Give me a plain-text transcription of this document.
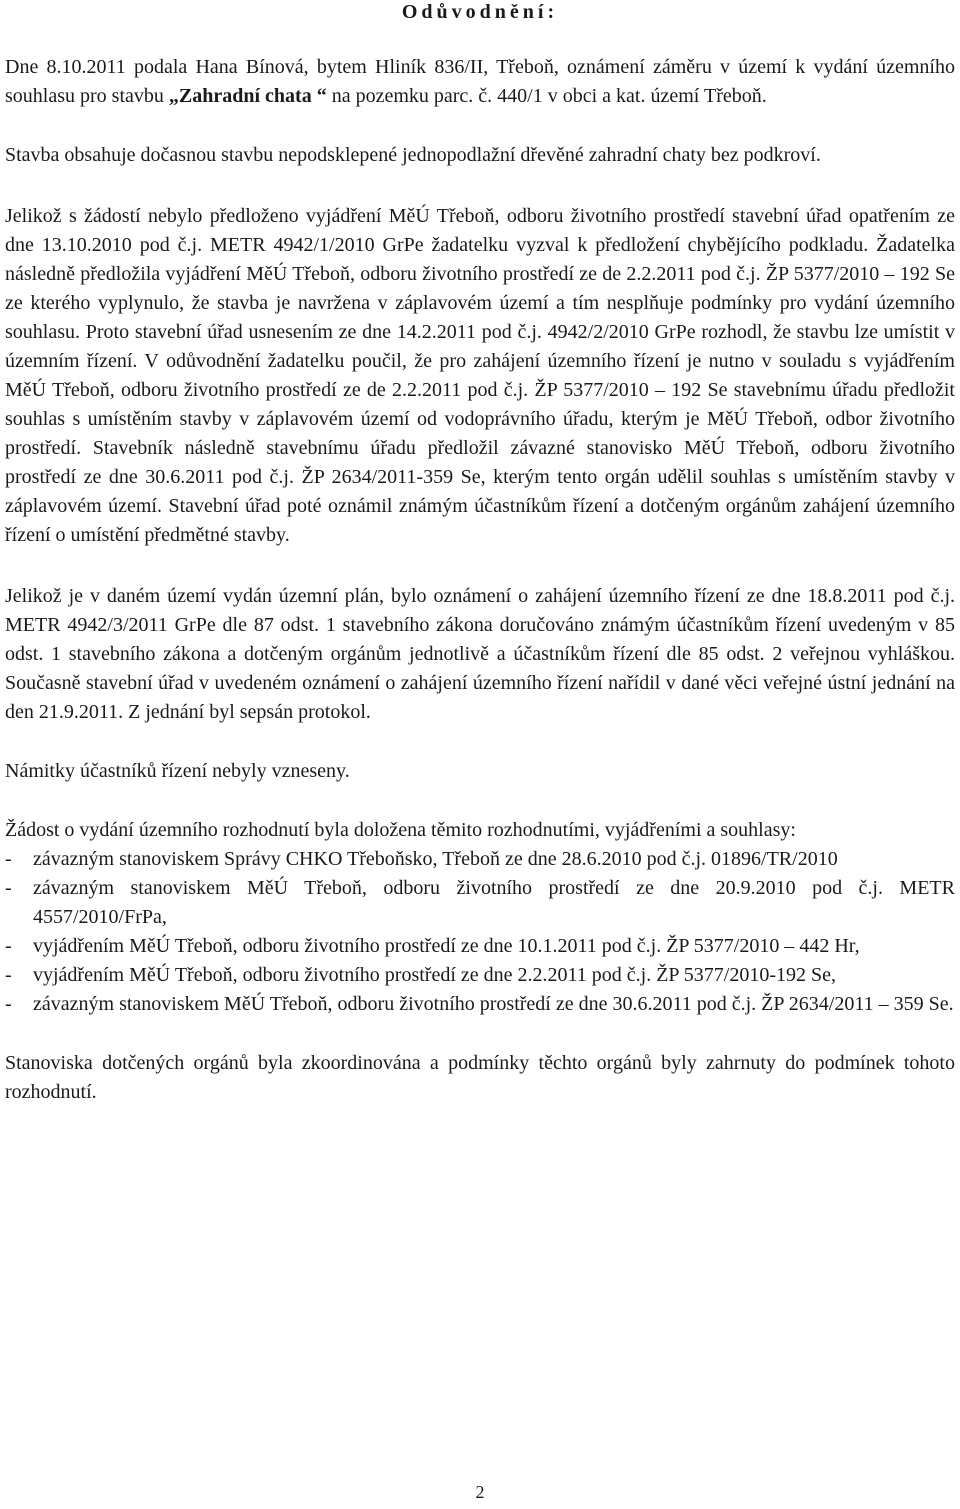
Odůvodnění:

Dne 8.10.2011 podala Hana Bínová, bytem Hliník 836/II, Třeboň, oznámení záměru v území k vydání územního souhlasu pro stavbu „Zahradní chata “ na pozemku parc. č. 440/1 v obci a kat. území Třeboň.

Stavba obsahuje dočasnou stavbu nepodsklepené jednopodlažní dřevěné zahradní chaty bez podkroví.

Jelikož s žádostí nebylo předloženo vyjádření MěÚ Třeboň, odboru životního prostředí stavební úřad opatřením ze dne 13.10.2010 pod č.j. METR 4942/1/2010 GrPe žadatelku vyzval k předložení chybějícího podkladu. Žadatelka následně předložila vyjádření MěÚ Třeboň, odboru životního prostředí ze de 2.2.2011 pod č.j. ŽP 5377/2010 – 192 Se ze kterého vyplynulo, že stavba je navržena v záplavovém území a tím nesplňuje podmínky pro vydání územního souhlasu. Proto stavební úřad usnesením ze dne 14.2.2011 pod č.j. 4942/2/2010 GrPe rozhodl, že stavbu lze umístit v územním řízení. V odůvodnění žadatelku poučil, že pro zahájení územního řízení je nutno v souladu s vyjádřením MěÚ Třeboň, odboru životního prostředí ze de 2.2.2011 pod č.j. ŽP 5377/2010 – 192 Se stavebnímu úřadu předložit souhlas s umístěním stavby v záplavovém území od vodoprávního úřadu, kterým je MěÚ Třeboň, odbor životního prostředí. Stavebník následně stavebnímu úřadu předložil závazné stanovisko MěÚ Třeboň, odboru životního prostředí ze dne 30.6.2011 pod č.j. ŽP 2634/2011-359 Se, kterým tento orgán udělil souhlas s umístěním stavby v záplavovém území. Stavební úřad poté oznámil známým účastníkům řízení a dotčeným orgánům zahájení územního řízení o umístění předmětné stavby.

Jelikož je v daném území vydán územní plán, bylo oznámení o zahájení územního řízení ze dne 18.8.2011 pod č.j. METR 4942/3/2011 GrPe dle 87 odst. 1 stavebního zákona doručováno známým účastníkům řízení uvedeným v 85 odst. 1 stavebního zákona a dotčeným orgánům jednotlivě a účastníkům řízení dle 85 odst. 2 veřejnou vyhláškou. Současně stavební úřad v uvedeném oznámení o zahájení územního řízení nařídil v dané věci veřejné ústní jednání na den 21.9.2011. Z jednání byl sepsán protokol.

Námitky účastníků řízení nebyly vzneseny.

Žádost o vydání územního rozhodnutí byla doložena těmito rozhodnutími, vyjádřeními a souhlasy:

- závazným stanoviskem Správy CHKO Třeboňsko, Třeboň ze dne 28.6.2010 pod č.j. 01896/TR/2010
- závazným stanoviskem MěÚ Třeboň, odboru životního prostředí ze dne 20.9.2010 pod č.j. METR 4557/2010/FrPa,
- vyjádřením MěÚ Třeboň, odboru životního prostředí ze dne 10.1.2011 pod č.j. ŽP 5377/2010 – 442 Hr,
- vyjádřením MěÚ Třeboň, odboru životního prostředí ze dne 2.2.2011 pod č.j. ŽP 5377/2010-192 Se,
- závazným stanoviskem MěÚ Třeboň, odboru životního prostředí ze dne 30.6.2011 pod č.j. ŽP 2634/2011 – 359 Se.

Stanoviska dotčených orgánů byla zkoordinována a podmínky těchto orgánů byly zahrnuty do podmínek tohoto rozhodnutí.

2
